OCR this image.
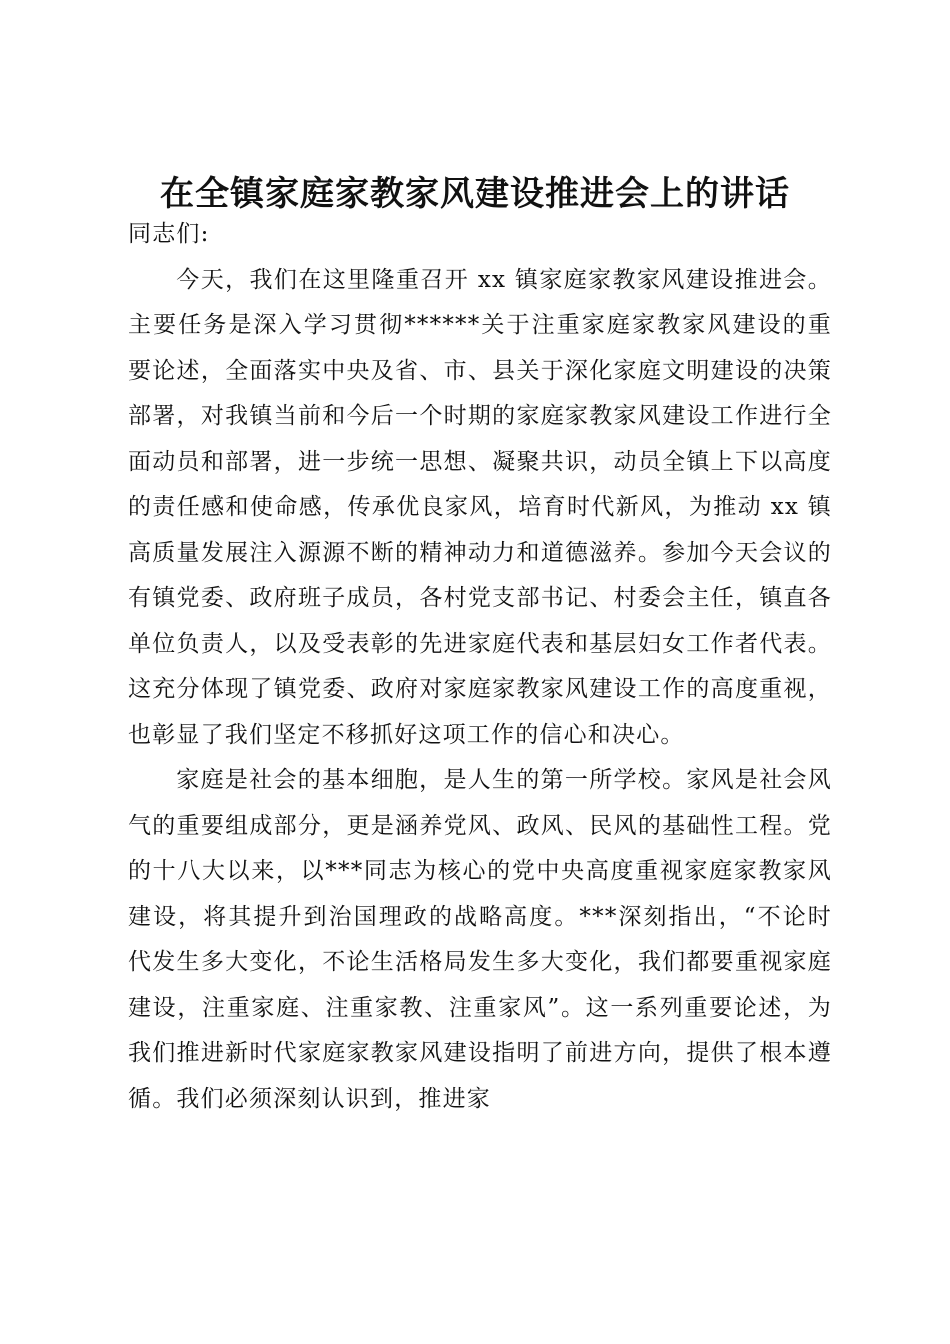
在全镇家庭家教家风建设推进会上的讲话

同志们:

今天，我们在这里隆重召开 xx 镇家庭家教家风建设推进会。主要任务是深入学习贯彻******关于注重家庭家教家风建设的重要论述，全面落实中央及省、市、县关于深化家庭文明建设的决策部署，对我镇当前和今后一个时期的家庭家教家风建设工作进行全面动员和部署，进一步统一思想、凝聚共识，动员全镇上下以高度的责任感和使命感，传承优良家风，培育时代新风，为推动 xx 镇高质量发展注入源源不断的精神动力和道德滋养。参加今天会议的有镇党委、政府班子成员，各村党支部书记、村委会主任，镇直各单位负责人，以及受表彰的先进家庭代表和基层妇女工作者代表。这充分体现了镇党委、政府对家庭家教家风建设工作的高度重视，也彰显了我们坚定不移抓好这项工作的信心和决心。

家庭是社会的基本细胞，是人生的第一所学校。家风是社会风气的重要组成部分，更是涵养党风、政风、民风的基础性工程。党的十八大以来，以***同志为核心的党中央高度重视家庭家教家风建设，将其提升到治国理政的战略高度。***深刻指出，“不论时代发生多大变化，不论生活格局发生多大变化，我们都要重视家庭建设，注重家庭、注重家教、注重家风”。这一系列重要论述，为我们推进新时代家庭家教家风建设指明了前进方向，提供了根本遵循。我们必须深刻认识到，推进家
